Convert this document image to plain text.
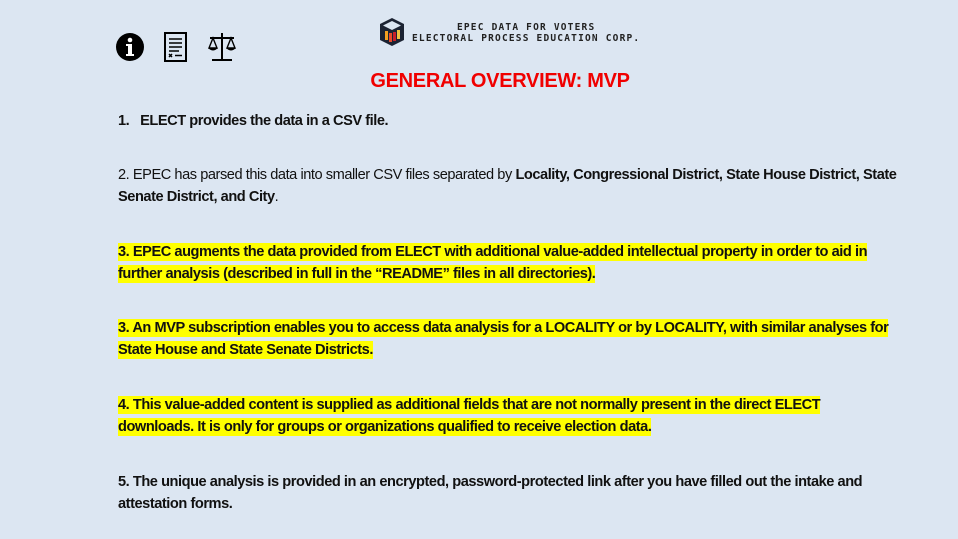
EPEC DATA FOR VOTERS
ELECTORAL PROCESS EDUCATION CORP.
GENERAL OVERVIEW: MVP
1.   ELECT provides the data in a CSV file.
2. EPEC has parsed this data into smaller CSV files separated by Locality, Congressional District, State House District, State Senate District, and City.
3. EPEC augments the data provided from ELECT with additional value-added intellectual property in order to aid in further analysis (described in full in the “README” files in all directories).
3. An MVP subscription enables you to access data analysis for a LOCALITY or by LOCALITY, with similar analyses for State House and State Senate Districts.
4. This value-added content is supplied as additional fields that are not normally present in the direct ELECT downloads. It is only for groups or organizations qualified to receive election data.
5. The unique analysis is provided in an encrypted, password-protected link after you have filled out the intake and attestation forms.
